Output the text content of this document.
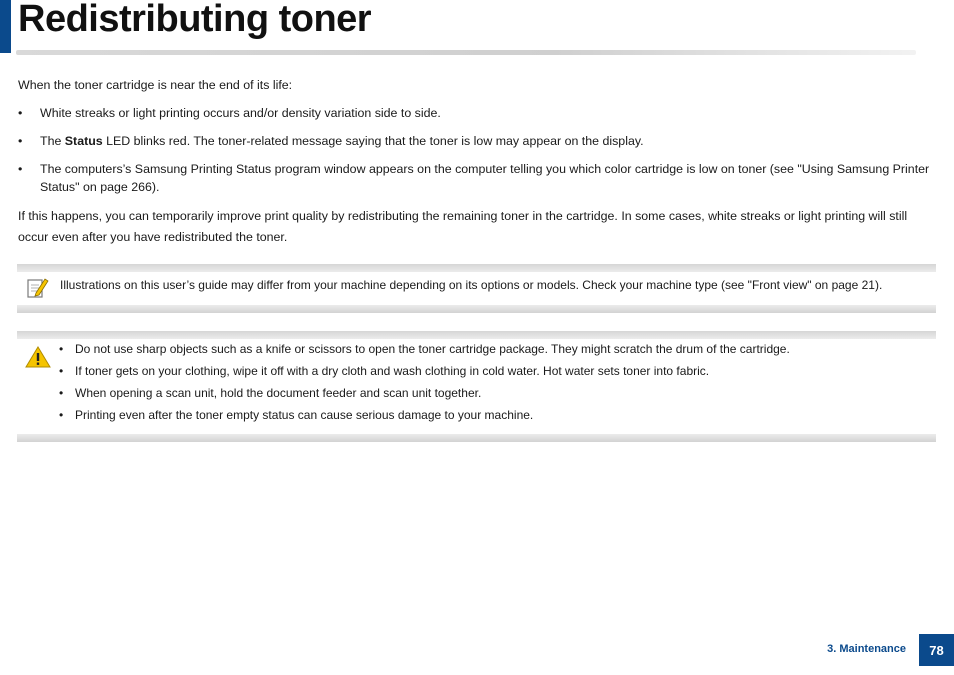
Redistributing toner

When the toner cartridge is near the end of its life:

• White streaks or light printing occurs and/or density variation side to side.
• The Status LED blinks red. The toner-related message saying that the toner is low may appear on the display.
• The computers’s Samsung Printing Status program window appears on the computer telling you which color cartridge is low on toner (see "Using Samsung Printer Status" on page 266).

If this happens, you can temporarily improve print quality by redistributing the remaining toner in the cartridge. In some cases, white streaks or light printing will still occur even after you have redistributed the toner.

Illustrations on this user’s guide may differ from your machine depending on its options or models. Check your machine type (see "Front view" on page 21).
• Do not use sharp objects such as a knife or scissors to open the toner cartridge package. They might scratch the drum of the cartridge.
• If toner gets on your clothing, wipe it off with a dry cloth and wash clothing in cold water. Hot water sets toner into fabric.
• When opening a scan unit, hold the document feeder and scan unit together.
• Printing even after the toner empty status can cause serious damage to your machine.
3. Maintenance	78
